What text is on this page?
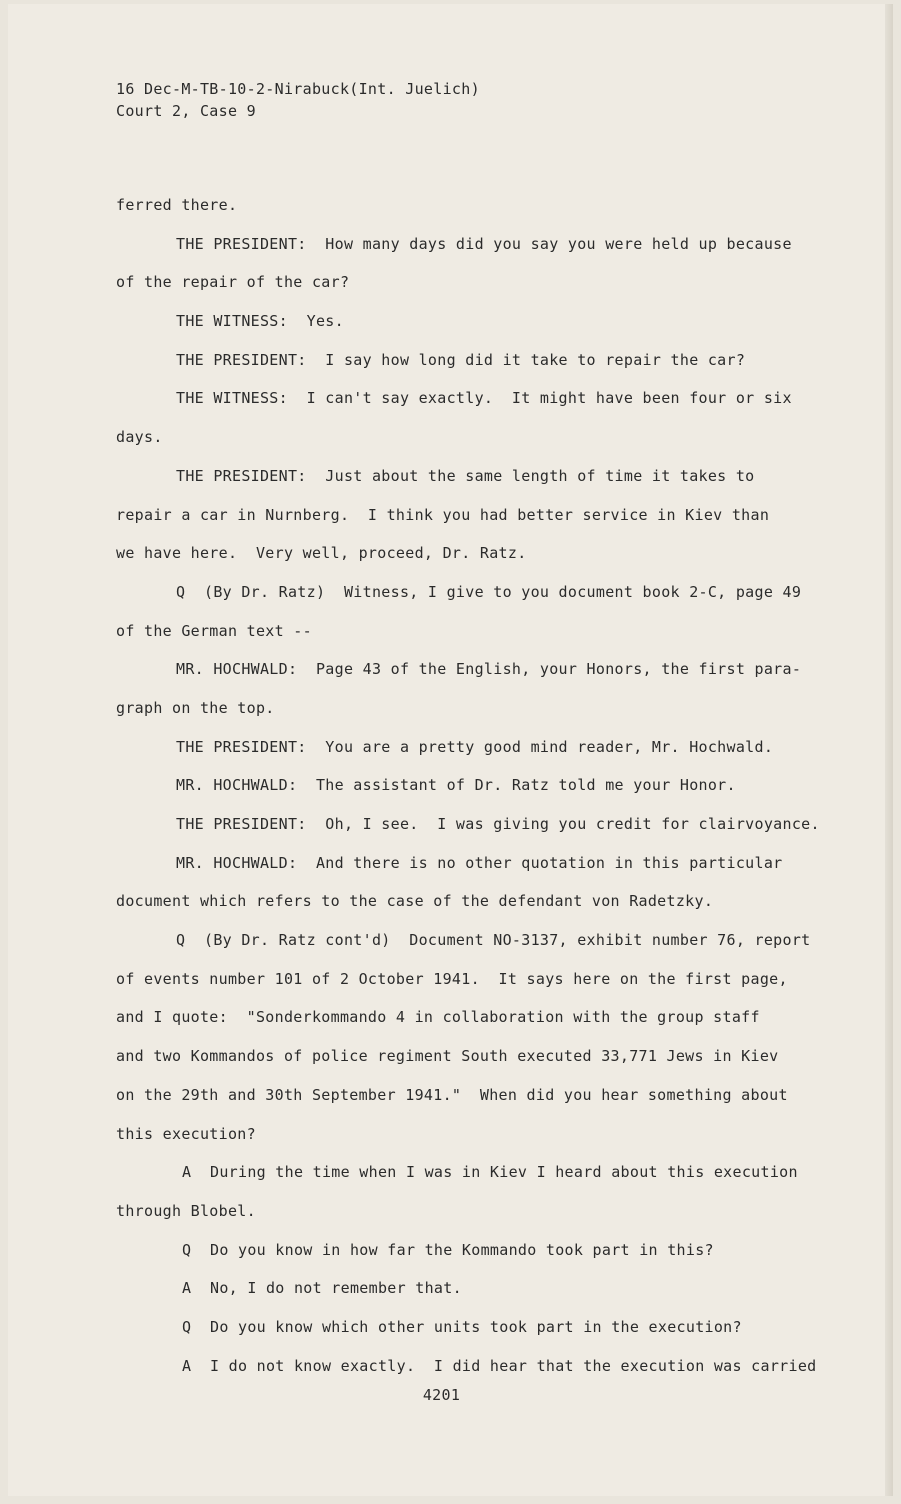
16 Dec-M-TB-10-2-Nirabuck(Int. Juelich)
Court 2, Case 9
ferred there.
THE PRESIDENT:  How many days did you say you were held up because
of the repair of the car?
THE WITNESS:  Yes.
THE PRESIDENT:  I say how long did it take to repair the car?
THE WITNESS:  I can't say exactly.  It might have been four or six
days.
THE PRESIDENT:  Just about the same length of time it takes to
repair a car in Nurnberg.  I think you had better service in Kiev than
we have here.  Very well, proceed, Dr. Ratz.
Q  (By Dr. Ratz)  Witness, I give to you document book 2-C, page 49
of the German text --
MR. HOCHWALD:  Page 43 of the English, your Honors, the first para-
graph on the top.
THE PRESIDENT:  You are a pretty good mind reader, Mr. Hochwald.
MR. HOCHWALD:  The assistant of Dr. Ratz told me your Honor.
THE PRESIDENT:  Oh, I see.  I was giving you credit for clairvoyance.
MR. HOCHWALD:  And there is no other quotation in this particular
document which refers to the case of the defendant von Radetzky.
Q  (By Dr. Ratz cont'd)  Document NO-3137, exhibit number 76, report
of events number 101 of 2 October 1941.  It says here on the first page,
and I quote:  "Sonderkommando 4 in collaboration with the group staff
and two Kommandos of police regiment South executed 33,771 Jews in Kiev
on the 29th and 30th September 1941."  When did you hear something about
this execution?
A  During the time when I was in Kiev I heard about this execution
through Blobel.
Q  Do you know in how far the Kommando took part in this?
A  No, I do not remember that.
Q  Do you know which other units took part in the execution?
A  I do not know exactly.  I did hear that the execution was carried
4201
